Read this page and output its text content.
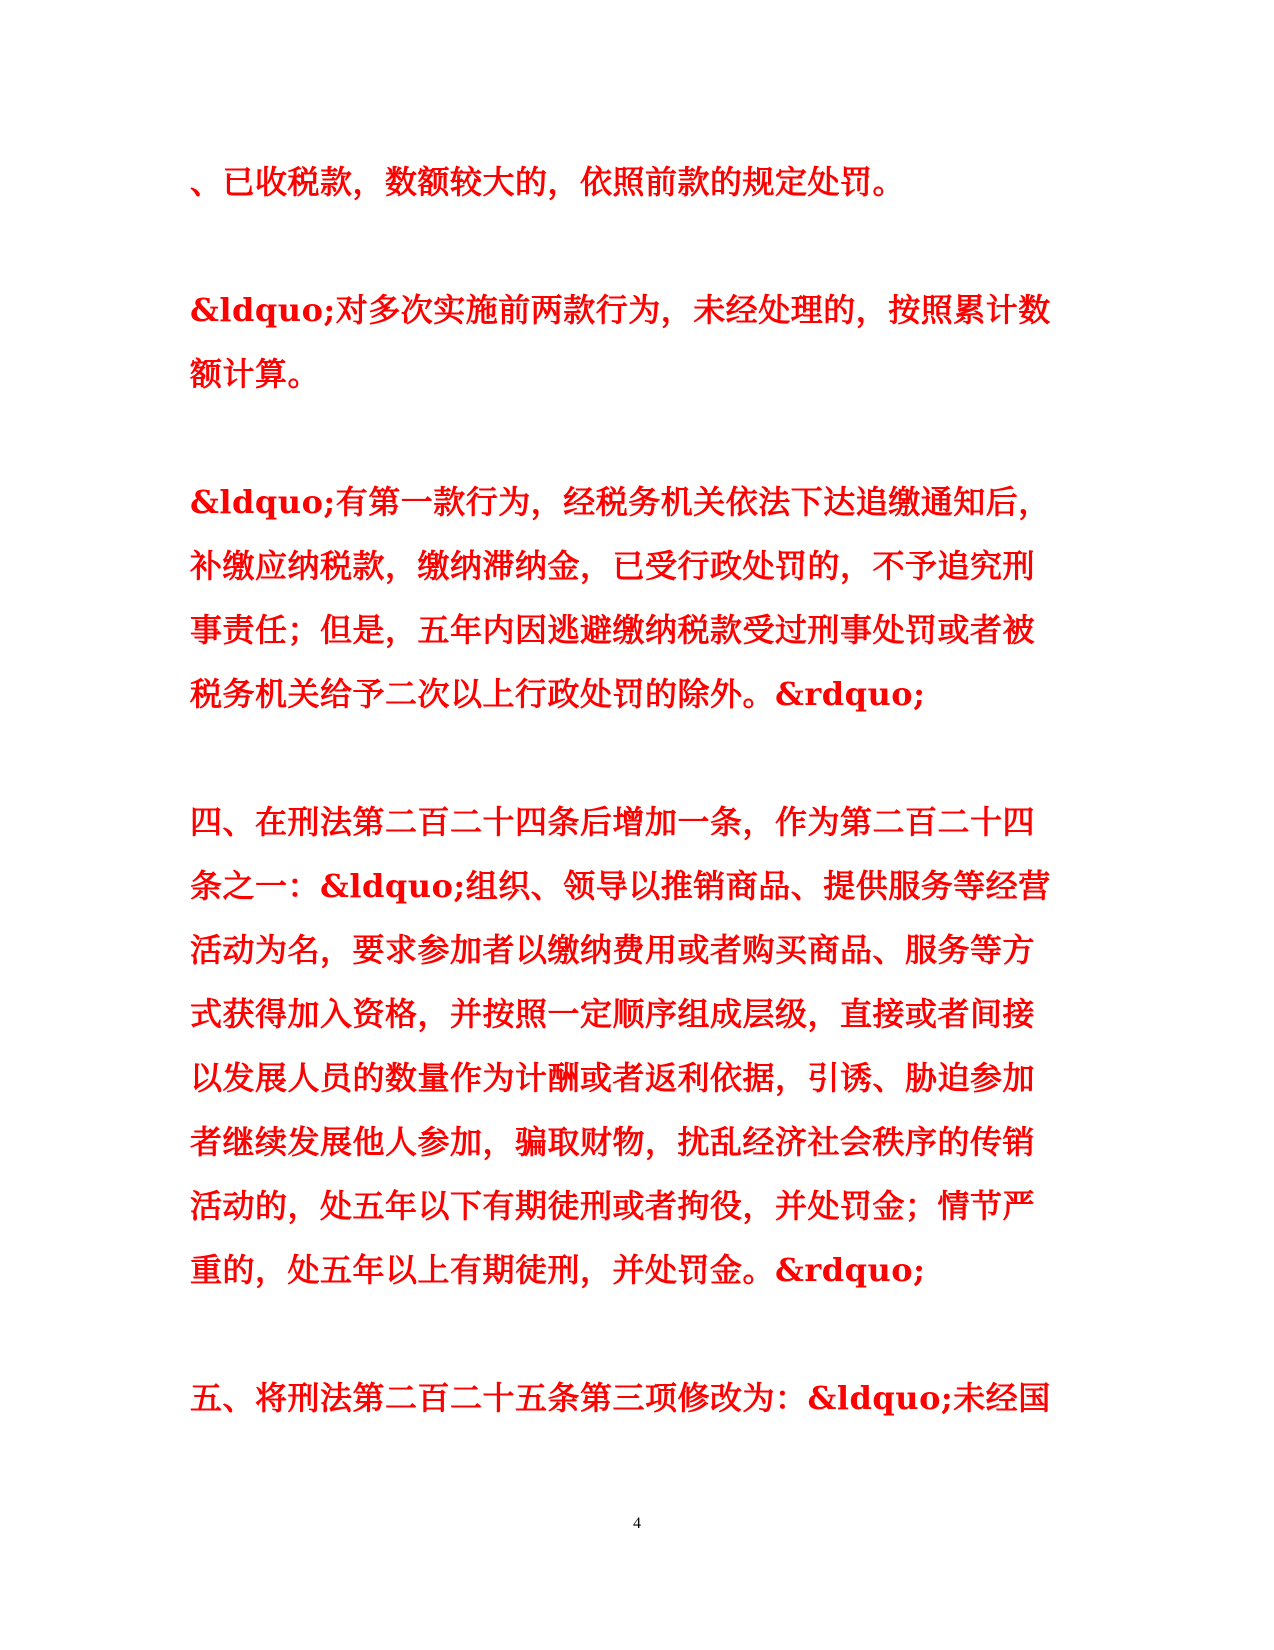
、已收税款，数额较大的，依照前款的规定处罚。

&ldquo;对多次实施前两款行为，未经处理的，按照累计数额计算。

&ldquo;有第一款行为，经税务机关依法下达追缴通知后，补缴应纳税款，缴纳滞纳金，已受行政处罚的，不予追究刑事责任；但是，五年内因逃避缴纳税款受过刑事处罚或者被税务机关给予二次以上行政处罚的除外。&rdquo;

四、在刑法第二百二十四条后增加一条，作为第二百二十四条之一：&ldquo;组织、领导以推销商品、提供服务等经营活动为名，要求参加者以缴纳费用或者购买商品、服务等方式获得加入资格，并按照一定顺序组成层级，直接或者间接以发展人员的数量作为计酬或者返利依据，引诱、胁迫参加者继续发展他人参加，骗取财物，扰乱经济社会秩序的传销活动的，处五年以下有期徒刑或者拘役，并处罚金；情节严重的，处五年以上有期徒刑，并处罚金。&rdquo;

五、将刑法第二百二十五条第三项修改为：&ldquo;未经国

4
